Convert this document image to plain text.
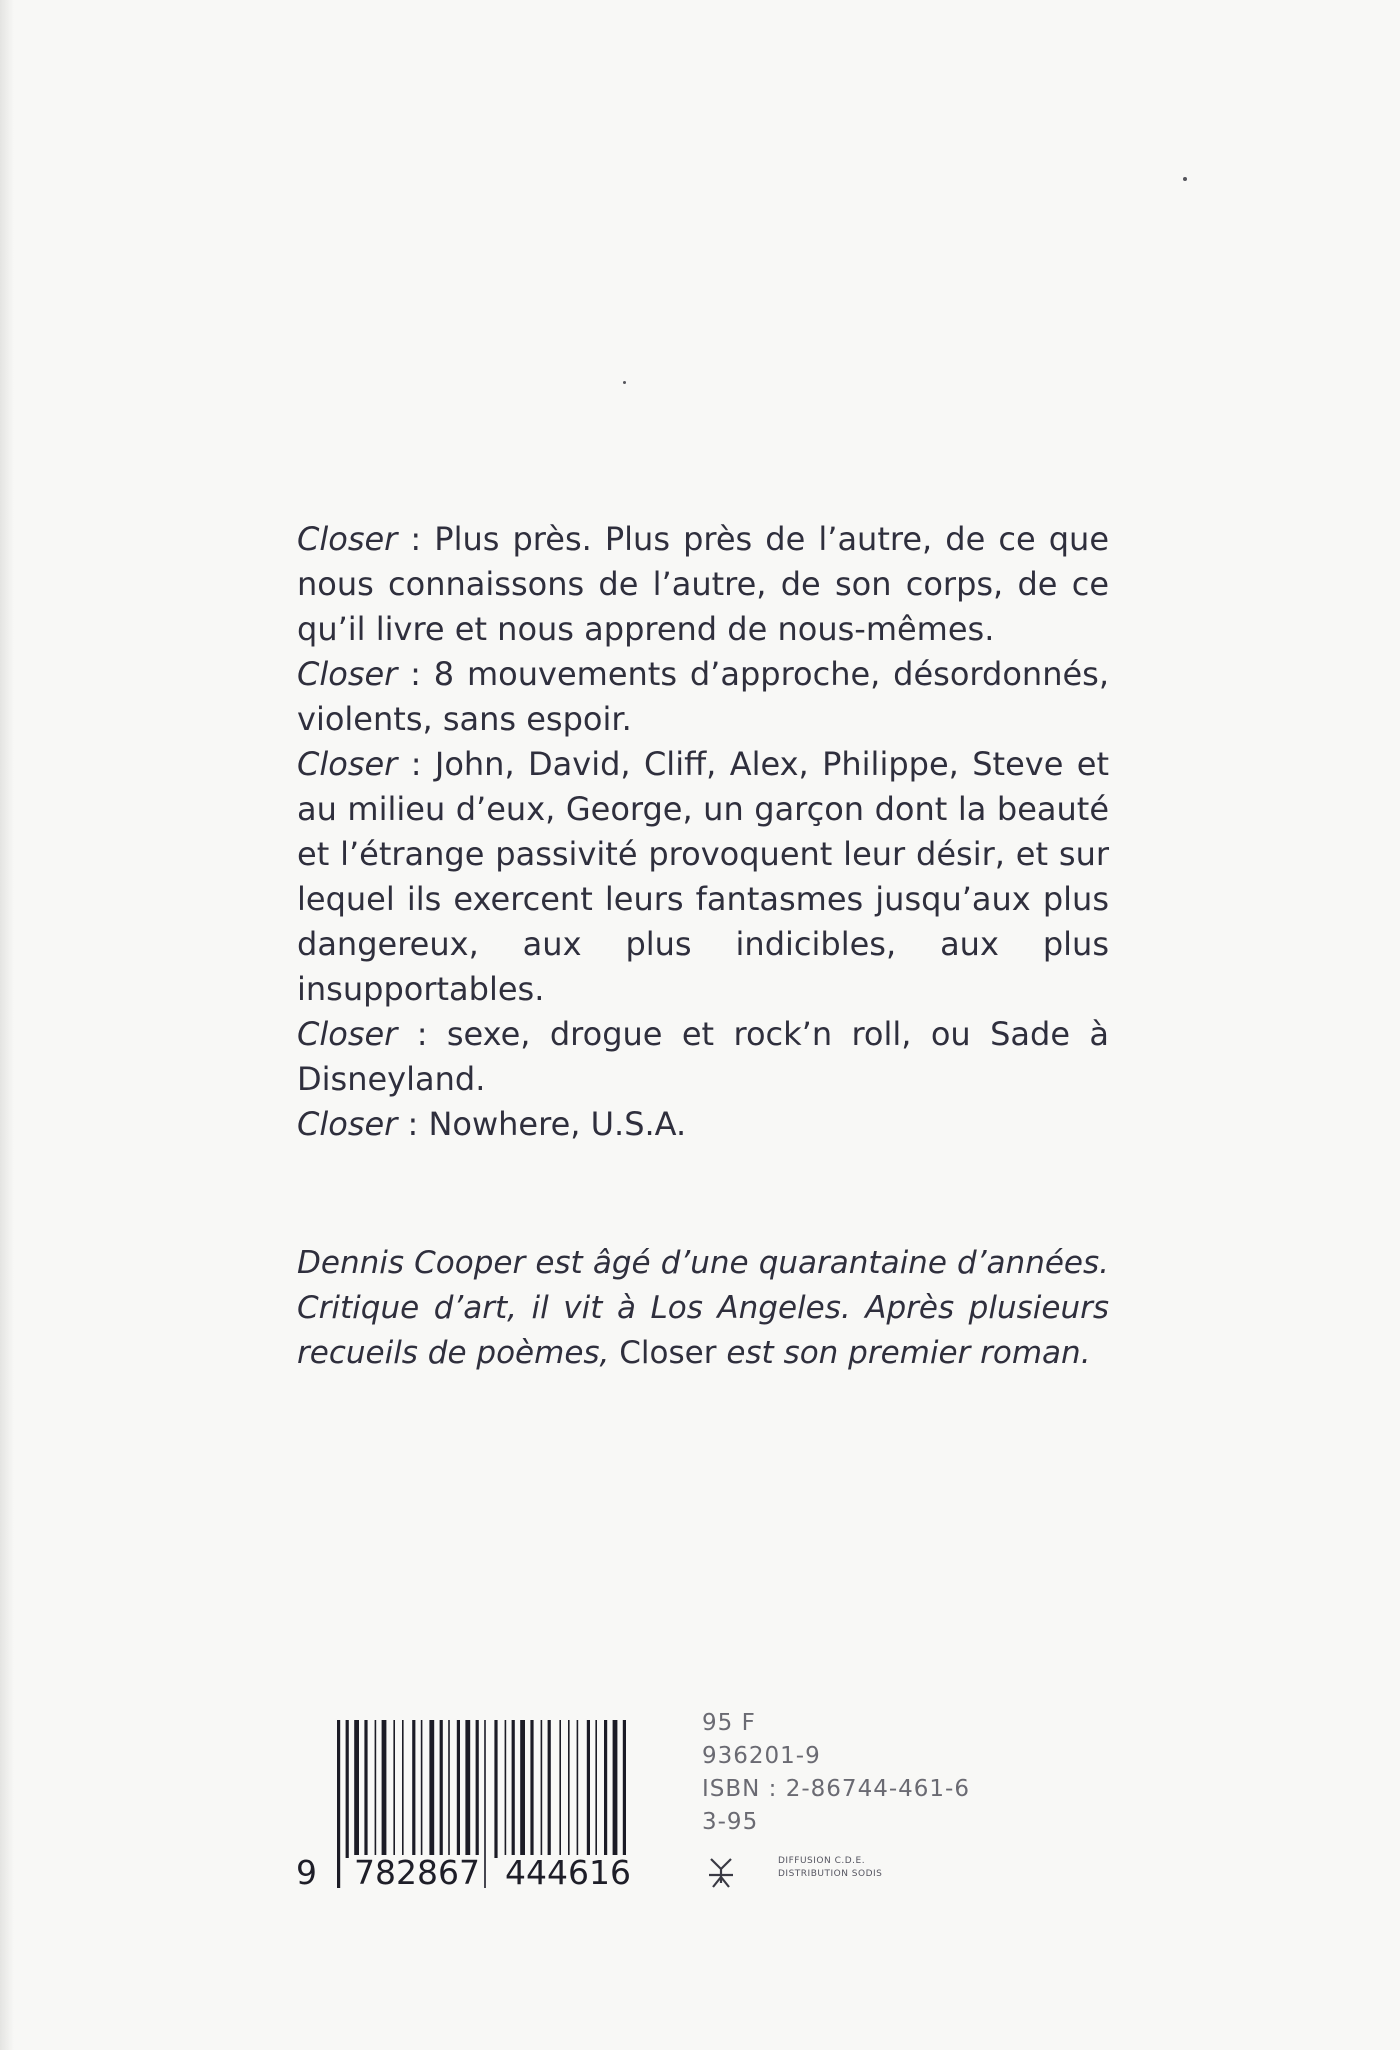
Closer : Plus près. Plus près de l’autre, de ce que nous connaissons de l’autre, de son corps, de ce qu’il livre et nous apprend de nous-mêmes.

Closer : 8 mouvements d’approche, désordonnés, violents, sans espoir.

Closer : John, David, Cliff, Alex, Philippe, Steve et au milieu d’eux, George, un garçon dont la beauté et l’étrange passivité provoquent leur désir, et sur lequel ils exercent leurs fantasmes jusqu’aux plus dangereux, aux plus indicibles, aux plus insupportables.

Closer : sexe, drogue et rock’n roll, ou Sade à Disneyland.

Closer : Nowhere, U.S.A.

Dennis Cooper est âgé d’une quarantaine d’années. Critique d’art, il vit à Los Angeles. Après plusieurs recueils de poèmes, Closer est son premier roman.
9 782867 444616
95 F
936201-9
ISBN : 2-86744-461-6
3-95
DIFFUSION C.D.E.
DISTRIBUTION SODIS
